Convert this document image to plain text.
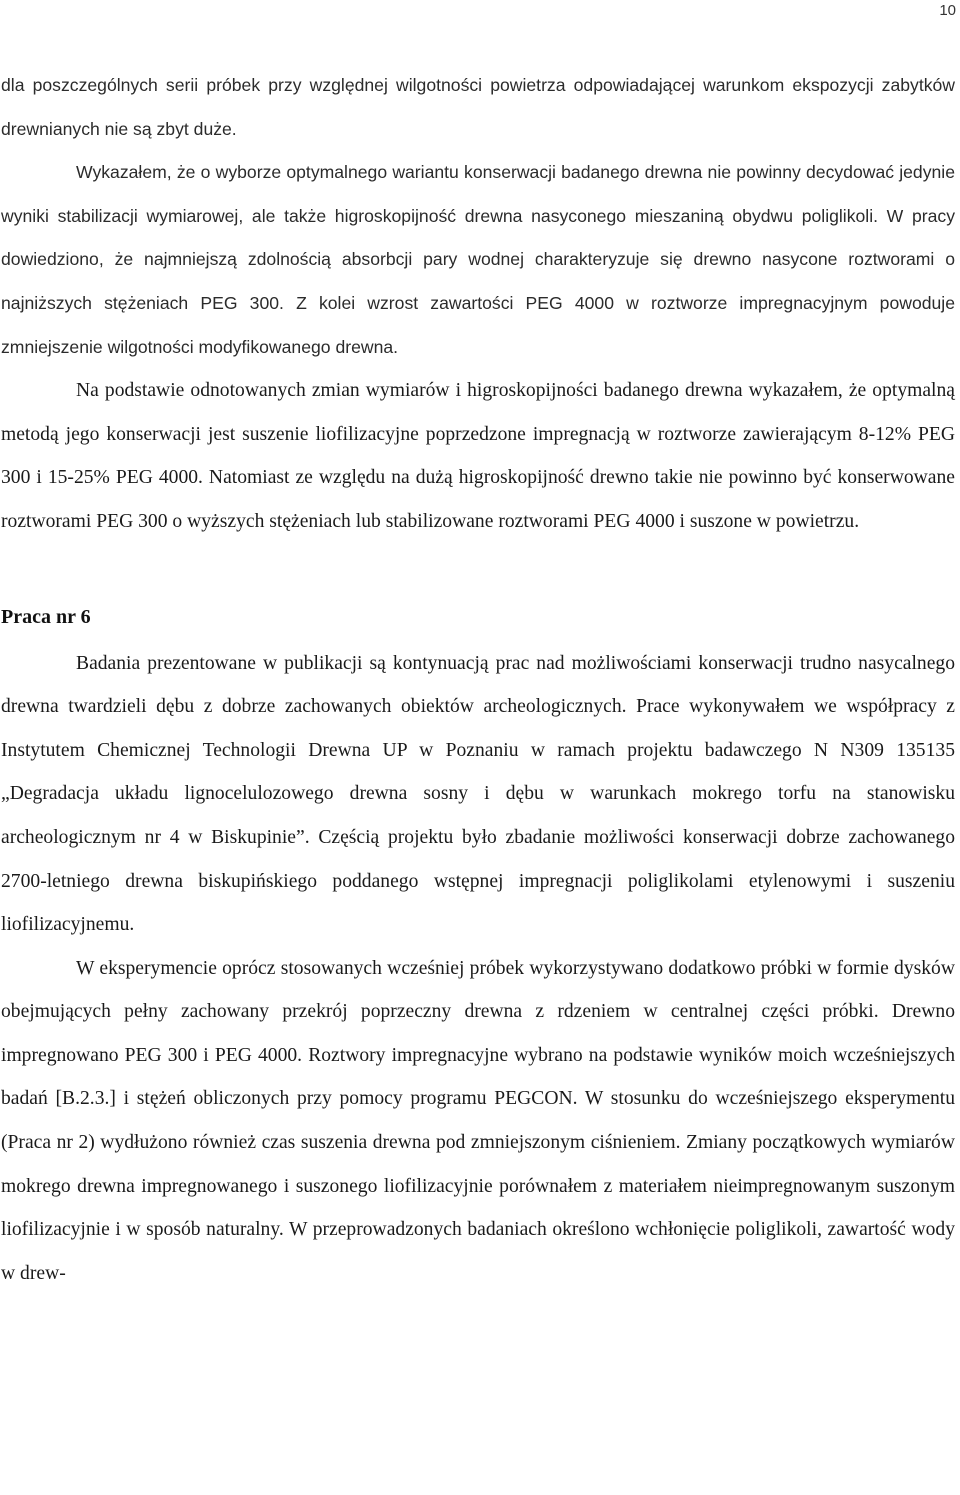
10

dla poszczególnych serii próbek przy względnej wilgotności powietrza odpowiadającej warunkom ekspozycji zabytków drewnianych nie są zbyt duże.

Wykazałem, że o wyborze optymalnego wariantu konserwacji badanego drewna nie powinny decydować jedynie wyniki stabilizacji wymiarowej, ale także higroskopijność drewna nasyconego mieszaniną obydwu poliglikoli. W pracy dowiedziono, że najmniejszą zdolnością absorbcji pary wodnej charakteryzuje się drewno nasycone roztworami o najniższych stężeniach PEG 300. Z kolei wzrost zawartości PEG 4000 w roztworze impregnacyjnym powoduje zmniejszenie wilgotności modyfikowanego drewna.

Na podstawie odnotowanych zmian wymiarów i higroskopijności badanego drewna wykazałem, że optymalną metodą jego konserwacji jest suszenie liofilizacyjne poprzedzone impregnacją w roztworze zawierającym 8-12% PEG 300 i 15-25% PEG 4000. Natomiast ze względu na dużą higroskopijność drewno takie nie powinno być konserwowane roztworami PEG 300 o wyższych stężeniach lub stabilizowane roztworami PEG 4000 i suszone w powietrzu.

Praca nr 6

Badania prezentowane w publikacji są kontynuacją prac nad możliwościami konserwacji trudno nasycalnego drewna twardzieli dębu z dobrze zachowanych obiektów archeologicznych. Prace wykonywałem we współpracy z Instytutem Chemicznej Technologii Drewna UP w Poznaniu w ramach projektu badawczego N N309 135135 „Degradacja układu lignocelulozowego drewna sosny i dębu w warunkach mokrego torfu na stanowisku archeologicznym nr 4 w Biskupinie”. Częścią projektu było zbadanie możliwości konserwacji dobrze zachowanego 2700-letniego drewna biskupińskiego poddanego wstępnej impregnacji poliglikolami etylenowymi i suszeniu liofilizacyjnemu.

W eksperymencie oprócz stosowanych wcześniej próbek wykorzystywano dodatkowo próbki w formie dysków obejmujących pełny zachowany przekrój poprzeczny drewna z rdzeniem w centralnej części próbki. Drewno impregnowano PEG 300 i PEG 4000. Roztwory impregnacyjne wybrano na podstawie wyników moich wcześniejszych badań [B.2.3.] i stężeń obliczonych przy pomocy programu PEGCON. W stosunku do wcześniejszego eksperymentu (Praca nr 2) wydłużono również czas suszenia drewna pod zmniejszonym ciśnieniem. Zmiany początkowych wymiarów mokrego drewna impregnowanego i suszonego liofilizacyjnie porównałem z materiałem nieimpregnowanym suszonym liofilizacyjnie i w sposób naturalny. W przeprowadzonych badaniach określono wchłonięcie poliglikoli, zawartość wody w drew-
